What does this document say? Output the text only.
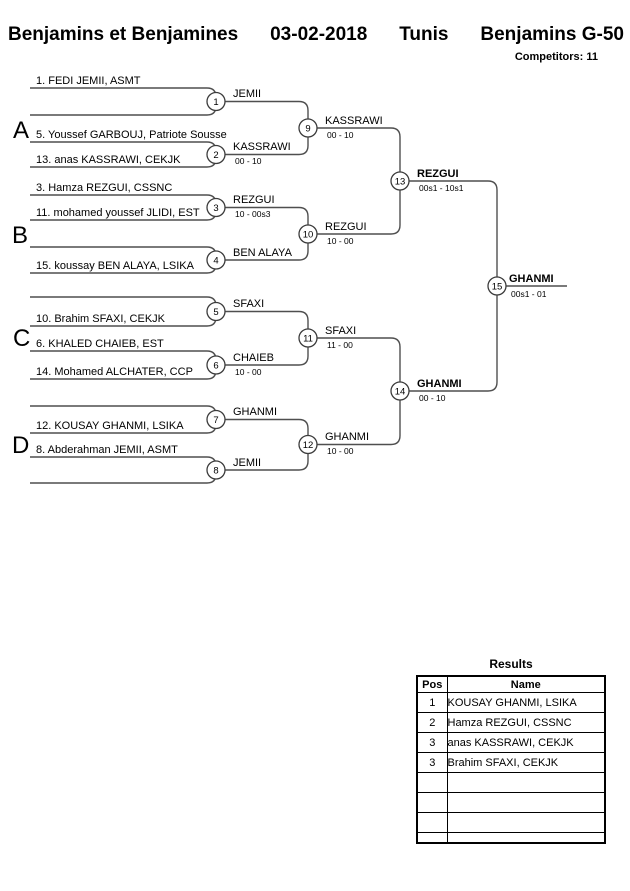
Benjamins et Benjamines 03-02-2018 Tunis Benjamins G-50
Competitors: 11
1
2
3
4
5
6
7
8
9
10
11
12
13
14
15
A
B
C
D
1. FEDI JEMII, ASMT
5. Youssef GARBOUJ, Patriote Sousse
13. anas KASSRAWI, CEKJK
3. Hamza REZGUI, CSSNC
11. mohamed youssef JLIDI, EST
15. koussay BEN ALAYA, LSIKA
10. Brahim SFAXI, CEKJK
6. KHALED CHAIEB, EST
14. Mohamed ALCHATER, CCP
12. KOUSAY GHANMI, LSIKA
8. Abderahman JEMII, ASMT
JEMII
KASSRAWI
REZGUI
BEN ALAYA
SFAXI
CHAIEB
GHANMI
JEMII
KASSRAWI
REZGUI
SFAXI
GHANMI
REZGUI
GHANMI
GHANMI
00 - 10
10 - 00s3
10 - 00
00 - 10
10 - 00
11 - 00
10 - 00
00s1 - 10s1
00 - 10
00s1 - 01
Results
Pos	Name
1	KOUSAY GHANMI, LSIKA
2	Hamza REZGUI, CSSNC
3	anas KASSRAWI, CEKJK
3	Brahim SFAXI, CEKJK
